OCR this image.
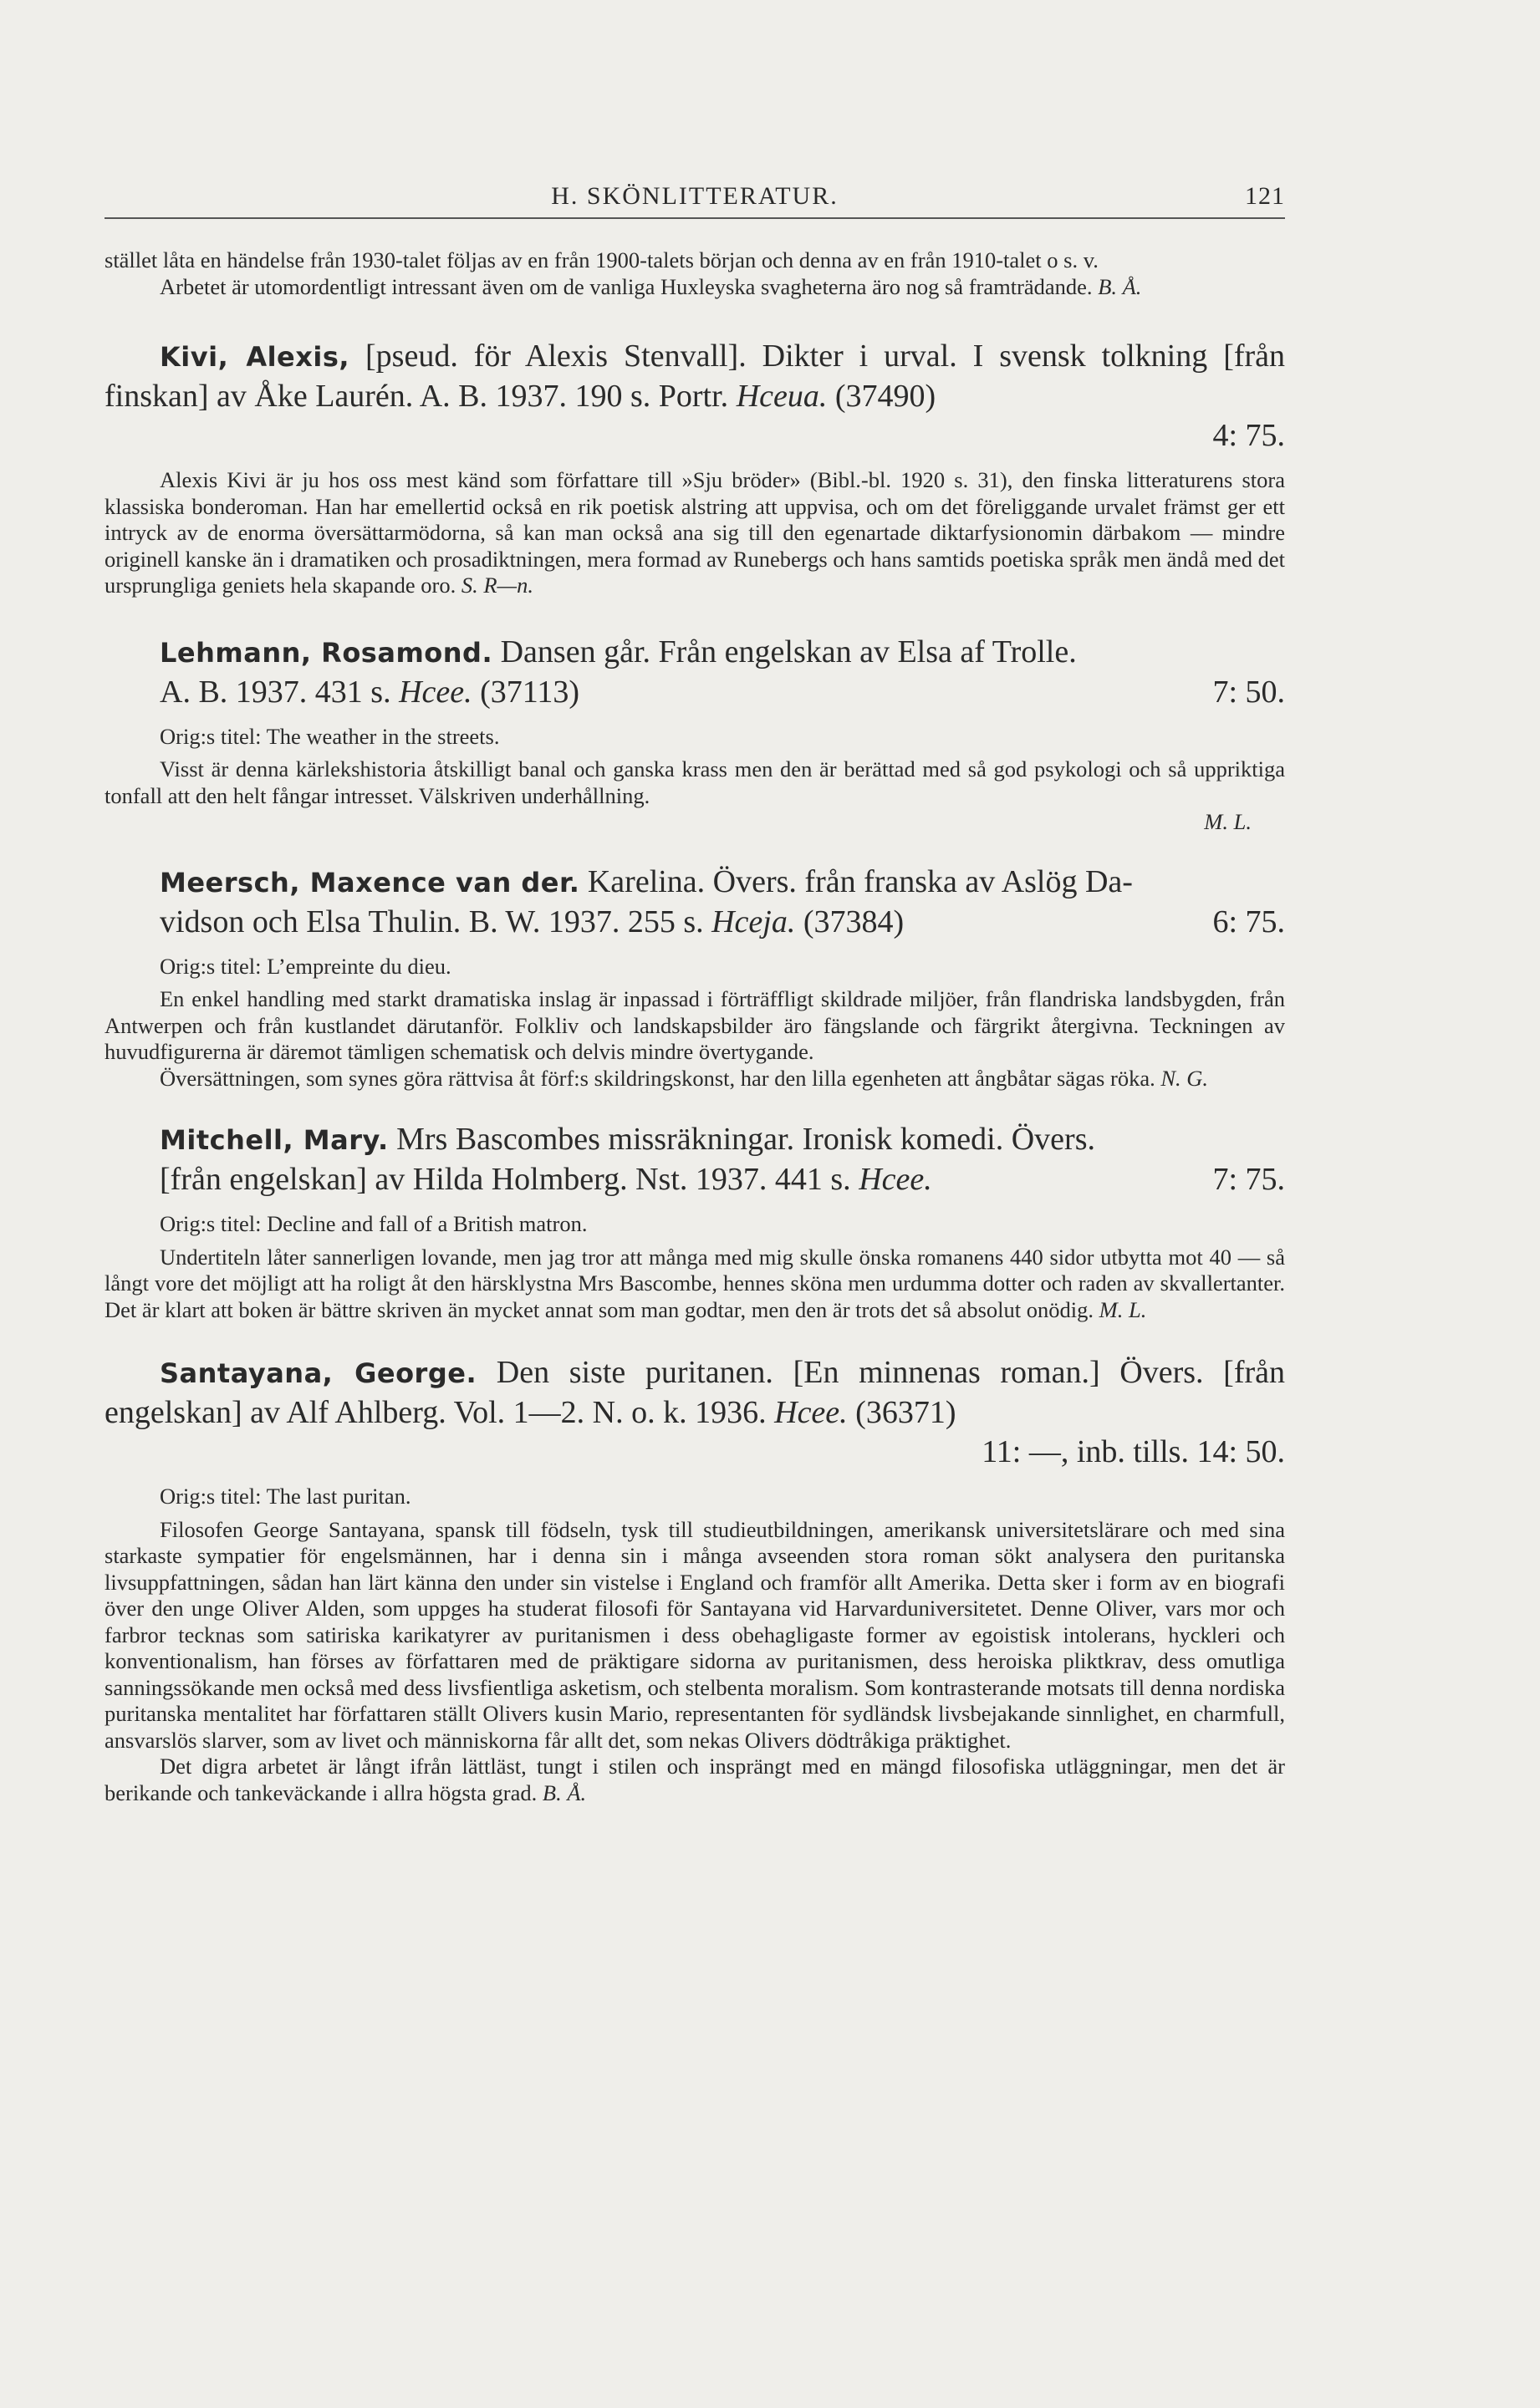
H. SKÖNLITTERATUR.	121

stället låta en händelse från 1930-talet följas av en från 1900-talets början och denna av en från 1910-talet o s. v.

Arbetet är utomordentligt intressant även om de vanliga Huxleyska svagheterna äro nog så framträdande. B. Å.

Kivi, Alexis, [pseud. för Alexis Stenvall]. Dikter i urval. I svensk tolkning [från finskan] av Åke Laurén. A. B. 1937. 190 s. Portr. Hceua. (37490)
4: 75.

Alexis Kivi är ju hos oss mest känd som författare till »Sju bröder» (Bibl.-bl. 1920 s. 31), den finska litteraturens stora klassiska bonderoman. Han har emellertid också en rik poetisk alstring att uppvisa, och om det föreliggande urvalet främst ger ett intryck av de enorma översättarmödorna, så kan man också ana sig till den egenartade diktarfysionomin därbakom — mindre originell kanske än i dramatiken och prosadiktningen, mera formad av Runebergs och hans samtids poetiska språk men ändå med det ursprungliga geniets hela skapande oro. S. R—n.

Lehmann, Rosamond. Dansen går. Från engelskan av Elsa af Trolle.
A. B. 1937. 431 s. Hcee. (37113)	7: 50.

Orig:s titel: The weather in the streets.

Visst är denna kärlekshistoria åtskilligt banal och ganska krass men den är berättad med så god psykologi och så uppriktiga tonfall att den helt fångar intresset. Välskriven underhållning.

M. L.
Meersch, Maxence van der. Karelina. Övers. från franska av Aslög Da-
vidson och Elsa Thulin. B. W. 1937. 255 s. Hceja. (37384)	6: 75.

Orig:s titel: L’empreinte du dieu.

En enkel handling med starkt dramatiska inslag är inpassad i förträffligt skildrade miljöer, från flandriska landsbygden, från Antwerpen och från kustlandet därutanför. Folkliv och landskapsbilder äro fängslande och färgrikt återgivna. Teckningen av huvudfigurerna är däremot tämligen schematisk och delvis mindre övertygande.

Översättningen, som synes göra rättvisa åt förf:s skildringskonst, har den lilla egenheten att ångbåtar sägas röka. N. G.

Mitchell, Mary. Mrs Bascombes missräkningar. Ironisk komedi. Övers.
[från engelskan] av Hilda Holmberg. Nst. 1937. 441 s. Hcee.	7: 75.

Orig:s titel: Decline and fall of a British matron.

Undertiteln låter sannerligen lovande, men jag tror att många med mig skulle önska romanens 440 sidor utbytta mot 40 — så långt vore det möjligt att ha roligt åt den härsklystna Mrs Bascombe, hennes sköna men urdumma dotter och raden av skvallertanter. Det är klart att boken är bättre skriven än mycket annat som man godtar, men den är trots det så absolut onödig. M. L.

Santayana, George. Den siste puritanen. [En minnenas roman.] Övers. [från engelskan] av Alf Ahlberg. Vol. 1—2. N. o. k. 1936. Hcee. (36371)
11: —, inb. tills. 14: 50.

Orig:s titel: The last puritan.

Filosofen George Santayana, spansk till födseln, tysk till studieutbildningen, amerikansk universitetslärare och med sina starkaste sympatier för engelsmännen, har i denna sin i många avseenden stora roman sökt analysera den puritanska livsuppfattningen, sådan han lärt känna den under sin vistelse i England och framför allt Amerika. Detta sker i form av en biografi över den unge Oliver Alden, som uppges ha studerat filosofi för Santayana vid Harvarduniversitetet. Denne Oliver, vars mor och farbror tecknas som satiriska karikatyrer av puritanismen i dess obehagligaste former av egoistisk intolerans, hyckleri och konventionalism, han förses av författaren med de präktigare sidorna av puritanismen, dess heroiska pliktkrav, dess omutliga sanningssökande men också med dess livsfientliga asketism, och stelbenta moralism. Som kontrasterande motsats till denna nordiska puritanska mentalitet har författaren ställt Olivers kusin Mario, representanten för sydländsk livsbejakande sinnlighet, en charmfull, ansvarslös slarver, som av livet och människorna får allt det, som nekas Olivers dödtråkiga präktighet.

Det digra arbetet är långt ifrån lättläst, tungt i stilen och insprängt med en mängd filosofiska utläggningar, men det är berikande och tankeväckande i allra högsta grad. B. Å.
